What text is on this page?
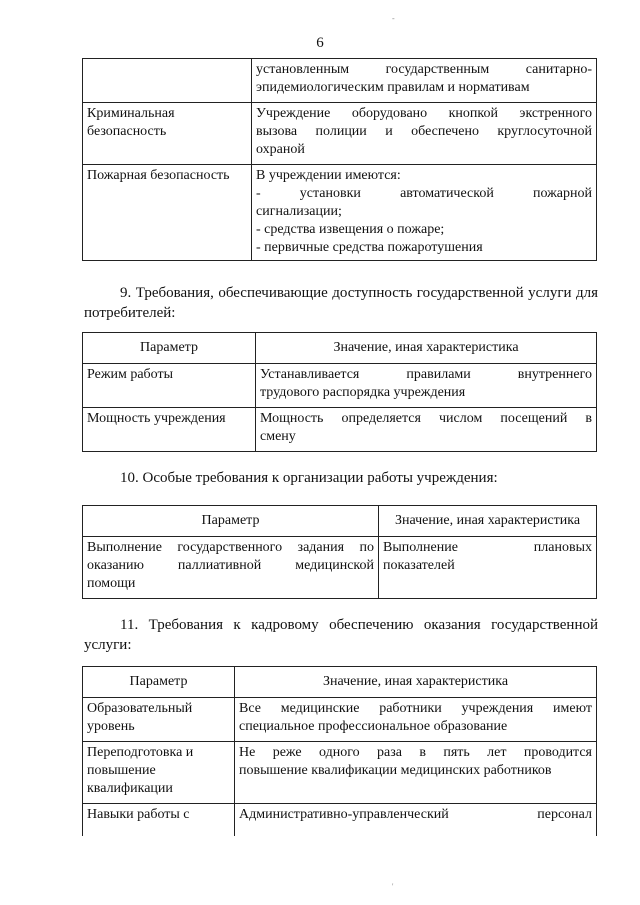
-
6

	установленным государственным санитарно-
эпидемиологическим правилам и нормативам

Криминальная
безопасность	Учреждение оборудовано кнопкой экстренного
вызова полиции и обеспечено круглосуточной
охраной

Пожарная безопасность	В учреждении имеются:
- установки автоматической пожарной
сигнализации;
- средства извещения о пожаре;
- первичные средства пожаротушения
9. Требования, обеспечивающие доступность государственной услуги для
потребителей:
Параметр	Значение, иная характеристика
Режим работы	Устанавливается правилами внутреннего
трудового распорядка учреждения

Мощность учреждения	Мощность определяется числом посещений в
смену
10. Особые требования к организации работы учреждения:
Параметр	Значение, иная характеристика

Выполнение государственного задания по
оказанию паллиативной медицинской
помощи	Выполнение плановых
показателей
11. Требования к кадровому обеспечению оказания государственной
услуги:
Параметр	Значение, иная характеристика

Образовательный
уровень	Все медицинские работники учреждения имеют
специальное профессиональное образование

Переподготовка и
повышение
квалификации	Не реже одного раза в пять лет проводится
повышение квалификации медицинских работников

Навыки работы с	Административно-управленческий персонал
'
